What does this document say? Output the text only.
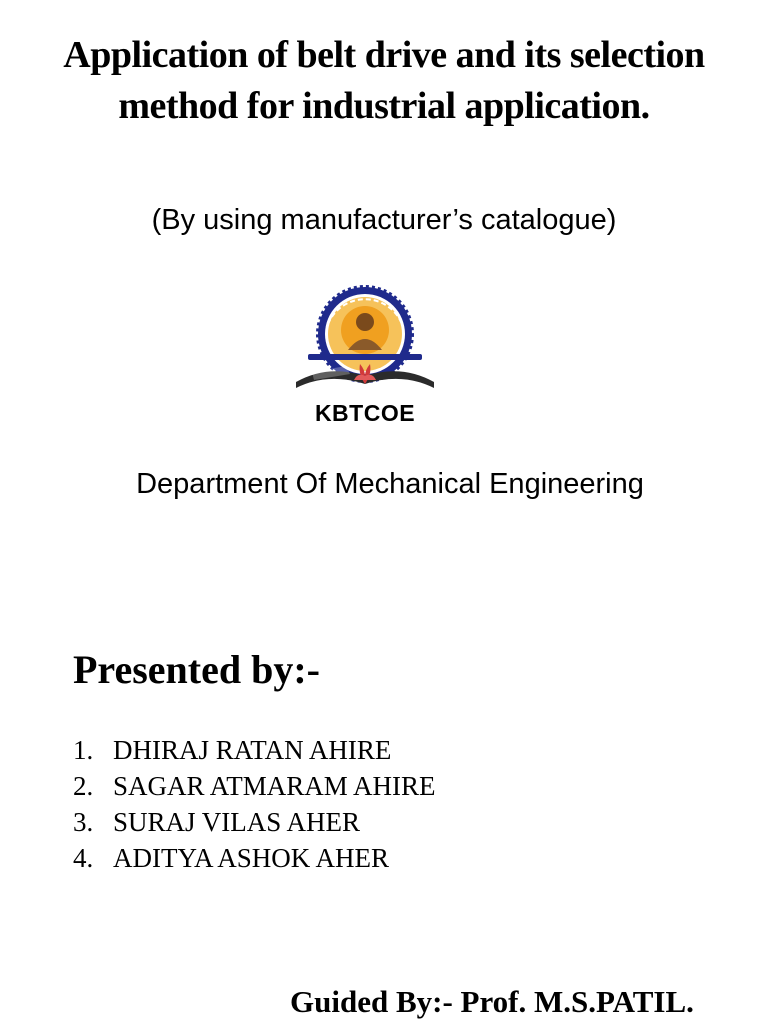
Application of belt drive and its selection method for industrial application.
(By using manufacturer’s catalogue)
KBTCOE
Department Of Mechanical Engineering
Presented by:-
1. DHIRAJ RATAN AHIRE
2. SAGAR ATMARAM AHIRE
3. SURAJ VILAS AHER
4. ADITYA ASHOK AHER
Guided By:- Prof. M.S.PATIL.
